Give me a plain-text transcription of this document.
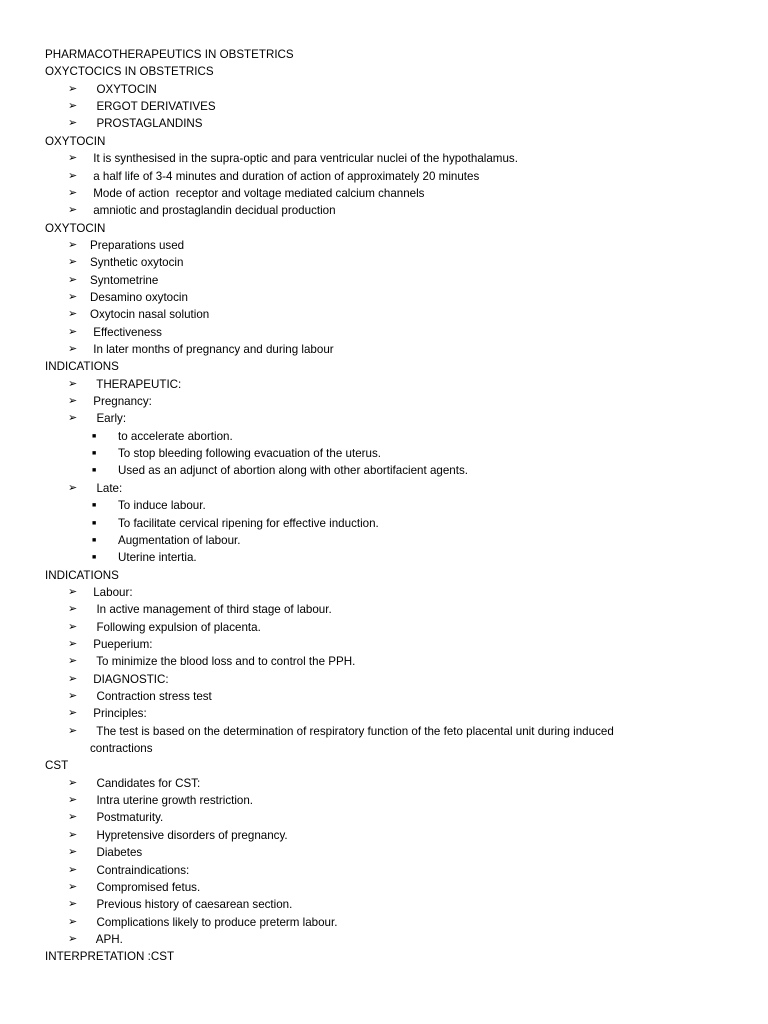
PHARMACOTHERAPEUTICS IN OBSTETRICS
OXYCTOCICS IN OBSTETRICS
➢ OXYTOCIN
➢ ERGOT DERIVATIVES
➢ PROSTAGLANDINS
OXYTOCIN
➢ It is synthesised in the supra-optic and para ventricular nuclei of the hypothalamus.
➢ a half life of 3-4 minutes and duration of action of approximately 20 minutes
➢ Mode of action  receptor and voltage mediated calcium channels
➢ amniotic and prostaglandin decidual production
OXYTOCIN
➢ Preparations used
➢ Synthetic oxytocin
➢ Syntometrine
➢ Desamino oxytocin
➢ Oxytocin nasal solution
➢ Effectiveness
➢ In later months of pregnancy and during labour
INDICATIONS
➢ THERAPEUTIC:
➢ Pregnancy:
➢ Early:
■ to accelerate abortion.
■ To stop bleeding following evacuation of the uterus.
■ Used as an adjunct of abortion along with other abortifacient agents.
➢ Late:
■ To induce labour.
■ To facilitate cervical ripening for effective induction.
■ Augmentation of labour.
■ Uterine intertia.
INDICATIONS
➢ Labour:
➢ In active management of third stage of labour.
➢ Following expulsion of placenta.
➢ Pueperium:
➢ To minimize the blood loss and to control the PPH.
➢ DIAGNOSTIC:
➢ Contraction stress test
➢ Principles:
➢ The test is based on the determination of respiratory function of the feto placental unit during induced
contractions
CST
➢ Candidates for CST:
➢ Intra uterine growth restriction.
➢ Postmaturity.
➢ Hypretensive disorders of pregnancy.
➢ Diabetes
➢ Contraindications:
➢ Compromised fetus.
➢ Previous history of caesarean section.
➢ Complications likely to produce preterm labour.
➢ APH.
INTERPRETATION :CST
